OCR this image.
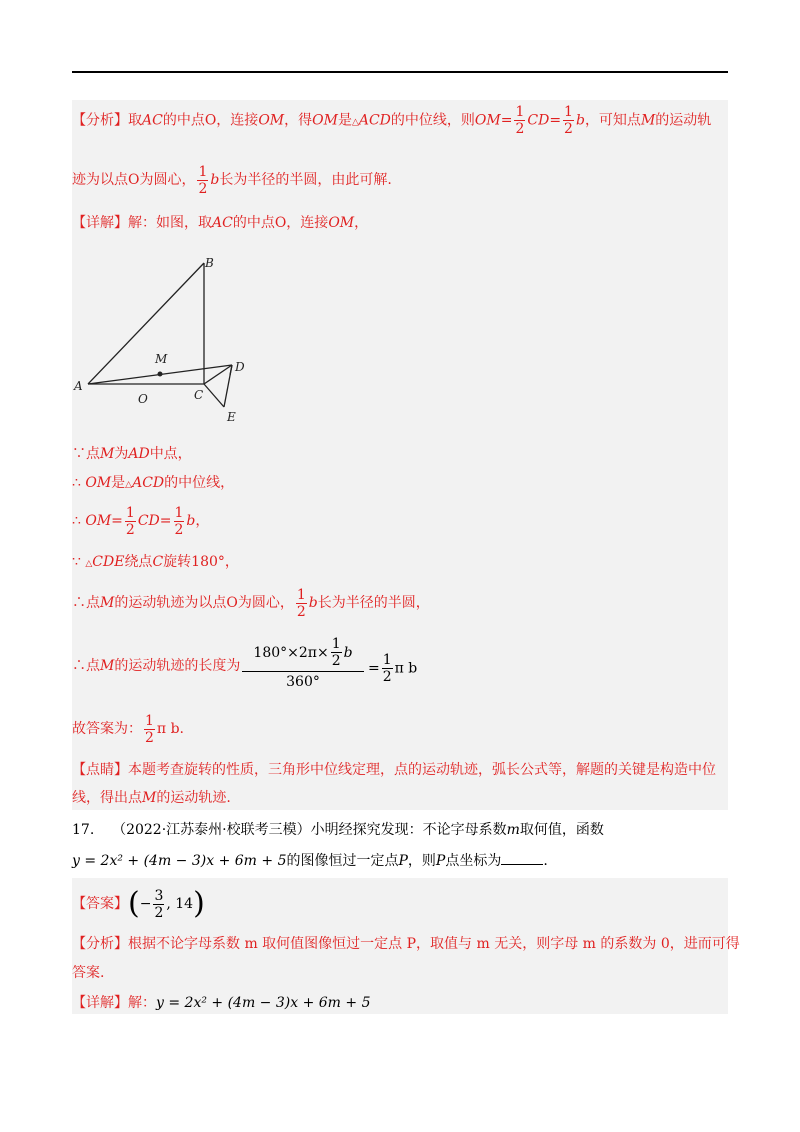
【分析】取AC的中点O，连接OM，得OM是△ACD的中位线，则$OM= \frac{1}{2} CD= \frac{1}{2}$ b，可知点M的运动轨
迹为以点O为圆心， $\frac{1}{2}$ b长为半径的半圆，由此可解.
【详解】解：如图，取AC的中点O，连接OM，
B
M
D
A
O	C
E
∵点M为AD中点，
∴ OM是△ACD的中位线，
∴ $OM= \frac{1}{2} CD= \frac{1}{2}$ b，
∵ △CDE绕点C旋转180°，
∴点M的运动轨迹为以点O为圆心， $\frac{1}{2}$ b长为半径的半圆，
∴点M的运动轨迹的长度为
$180^\circ\times 2\pi\times \frac{1}{2}$ b
360°
= $\frac{1}{2}$ π b
故答案为： $\frac{1}{2}$ π b.
【点睛】本题考查旋转的性质，三角形中位线定理，点的运动轨迹，弧长公式等，解题的关键是构造中位
线，得出点M的运动轨迹.
17. （2022·江苏泰州·校联考三模）小明经探究发现：不论字母系数m取何值，函数
y = 2x² + (4m − 3)x + 6m + 5的图像恒过一定点P，则P点坐标为	.
【答案】(− $\frac{3}{2}$ , 14)
【分析】根据不论字母系数 m 取何值图像恒过一定点 P，取值与 m 无关，则字母 m 的系数为 0，进而可得
答案.
【详解】解：y = 2x² + (4m − 3)x + 6m + 5
